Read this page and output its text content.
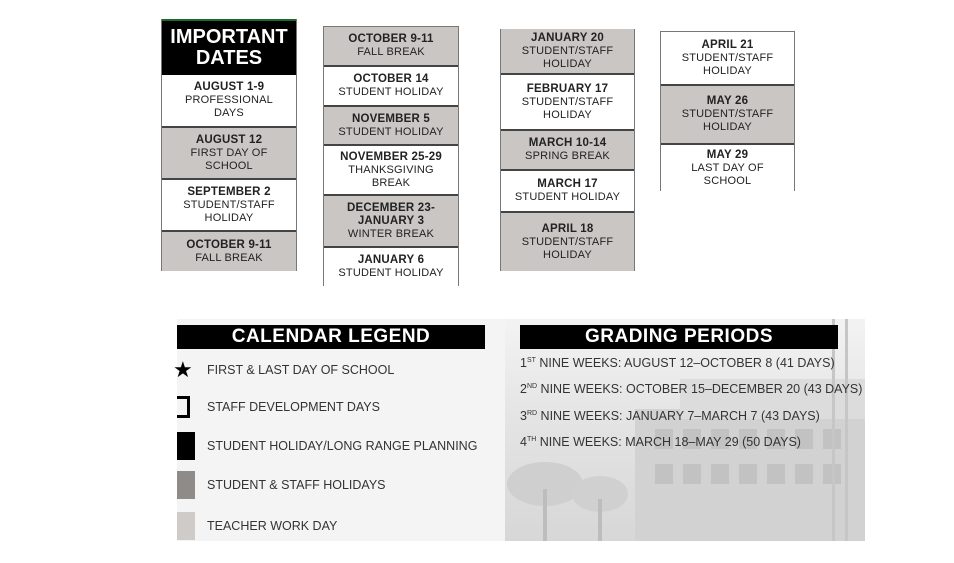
IMPORTANT
DATES
AUGUST 1-9
PROFESSIONAL
DAYS
AUGUST 12
FIRST DAY OF
SCHOOL
SEPTEMBER 2
STUDENT/STAFF
HOLIDAY
OCTOBER 9-11
FALL BREAK
OCTOBER 9-11
FALL BREAK
OCTOBER 14
STUDENT HOLIDAY
NOVEMBER 5
STUDENT HOLIDAY
NOVEMBER 25-29
THANKSGIVING
BREAK
DECEMBER 23-
JANUARY 3
WINTER BREAK
JANUARY 6
STUDENT HOLIDAY
JANUARY 20
STUDENT/STAFF
HOLIDAY
FEBRUARY 17
STUDENT/STAFF
HOLIDAY
MARCH 10-14
SPRING BREAK
MARCH 17
STUDENT HOLIDAY
APRIL 18
STUDENT/STAFF
HOLIDAY
APRIL 21
STUDENT/STAFF
HOLIDAY
MAY 26
STUDENT/STAFF
HOLIDAY
MAY 29
LAST DAY OF
SCHOOL
CALENDAR LEGEND
★ FIRST & LAST DAY OF SCHOOL
STAFF DEVELOPMENT DAYS
STUDENT HOLIDAY/LONG RANGE PLANNING
STUDENT & STAFF HOLIDAYS
TEACHER WORK DAY
GRADING PERIODS
1ST NINE WEEKS: AUGUST 12–OCTOBER 8 (41 DAYS)
2ND NINE WEEKS: OCTOBER 15–DECEMBER 20 (43 DAYS)
3RD NINE WEEKS: JANUARY 7–MARCH 7 (43 DAYS)
4TH NINE WEEKS: MARCH 18–MAY 29 (50 DAYS)
